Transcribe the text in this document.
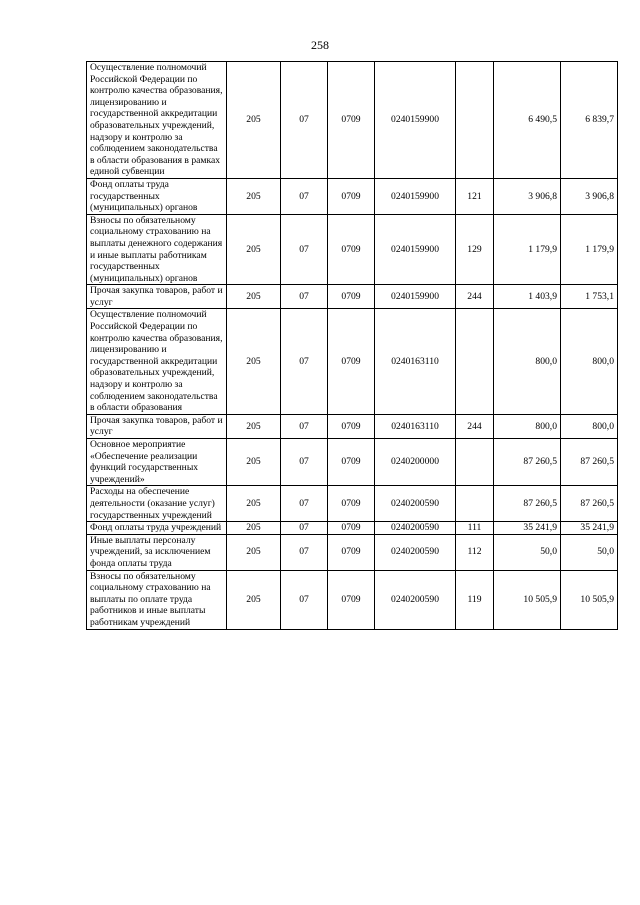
258
Осуществление полномочий Российской Федерации по контролю качества образования, лицензированию и государственной аккредитации образовательных учреждений, надзору и контролю за соблюдением законодательства в области образования в рамках единой субвенции	205	07	0709	0240159900		6 490,5	6 839,7
Фонд оплаты труда государственных (муниципальных) органов	205	07	0709	0240159900	121	3 906,8	3 906,8
Взносы по обязательному социальному страхованию на выплаты денежного содержания и иные выплаты работникам государственных (муниципальных) органов	205	07	0709	0240159900	129	1 179,9	1 179,9
Прочая закупка товаров, работ и услуг	205	07	0709	0240159900	244	1 403,9	1 753,1
Осуществление полномочий Российской Федерации по контролю качества образования, лицензированию и государственной аккредитации образовательных учреждений, надзору и контролю за соблюдением законодательства в области образования	205	07	0709	0240163110		800,0	800,0
Прочая закупка товаров, работ и услуг	205	07	0709	0240163110	244	800,0	800,0
Основное мероприятие «Обеспечение реализации функций государственных учреждений»	205	07	0709	0240200000		87 260,5	87 260,5
Расходы на обеспечение деятельности (оказание услуг) государственных учреждений	205	07	0709	0240200590		87 260,5	87 260,5
Фонд оплаты труда учреждений	205	07	0709	0240200590	111	35 241,9	35 241,9
Иные выплаты персоналу учреждений, за исключением фонда оплаты труда	205	07	0709	0240200590	112	50,0	50,0
Взносы по обязательному социальному страхованию на выплаты по оплате труда работников и иные выплаты работникам учреждений	205	07	0709	0240200590	119	10 505,9	10 505,9
